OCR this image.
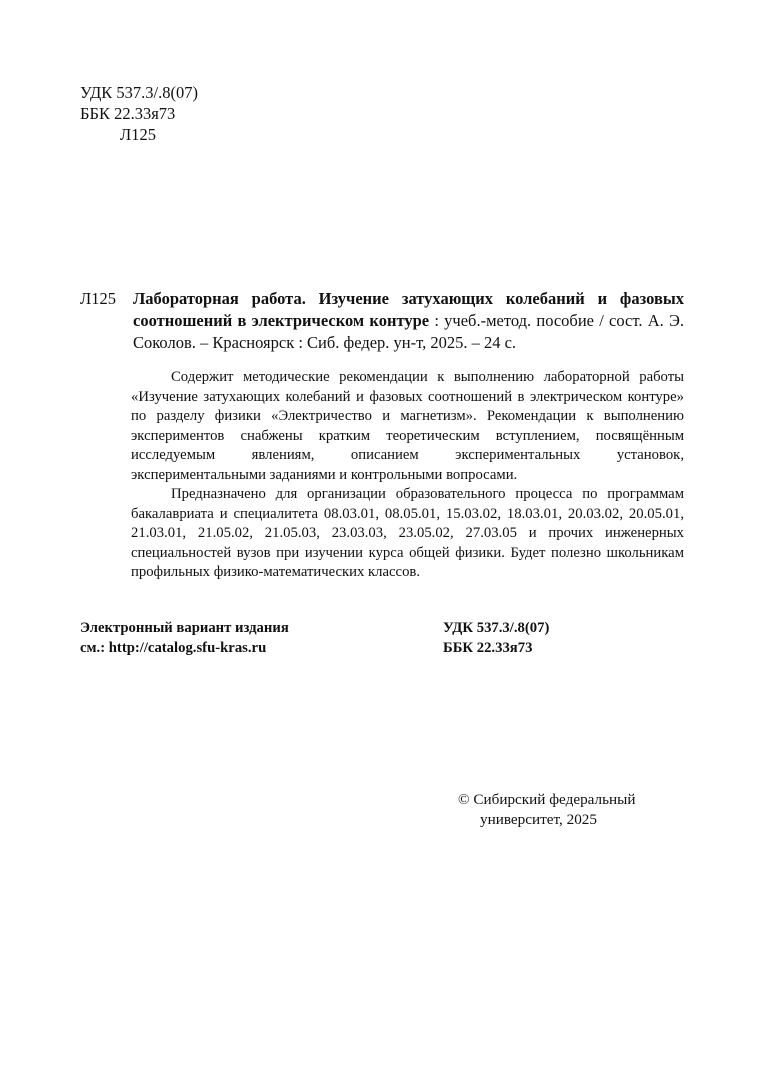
УДК 537.3/.8(07)
ББК 22.33я73
Л125
Л125 Лабораторная работа. Изучение затухающих колебаний и фазовых соотношений в электрическом контуре : учеб.-метод. пособие / сост. А. Э. Соколов. – Красноярск : Сиб. федер. ун-т, 2025. – 24 с.

Содержит методические рекомендации к выполнению лабораторной работы «Изучение затухающих колебаний и фазовых соотношений в электрическом контуре» по разделу физики «Электричество и магнетизм». Рекомендации к выполнению экспериментов снабжены кратким теоретическим вступлением, посвящённым исследуемым явлениям, описанием экспериментальных установок, экспериментальными заданиями и контрольными вопросами.

Предназначено для организации образовательного процесса по программам бакалавриата и специалитета 08.03.01, 08.05.01, 15.03.02, 18.03.01, 20.03.02, 20.05.01, 21.03.01, 21.05.02, 21.05.03, 23.03.03, 23.05.02, 27.03.05 и прочих инженерных специальностей вузов при изучении курса общей физики. Будет полезно школьникам профильных физико-математических классов.

Электронный вариант издания
см.: http://catalog.sfu-kras.ru
УДК 537.3/.8(07)
ББК 22.33я73
© Сибирский федеральный
университет, 2025
